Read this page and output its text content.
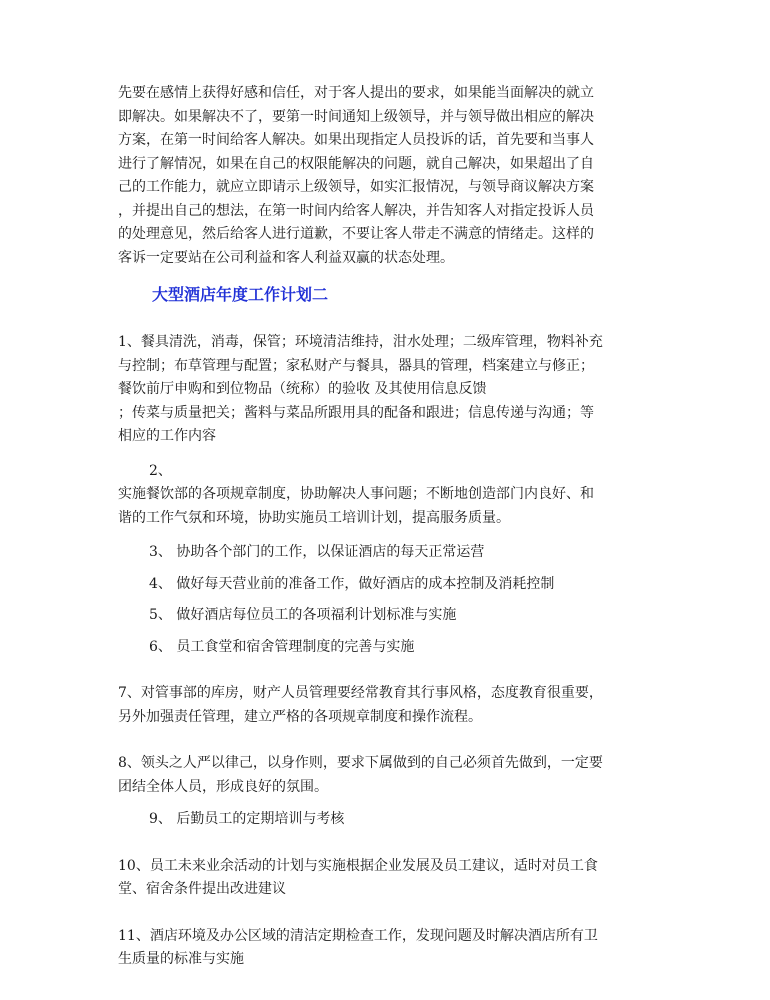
先要在感情上获得好感和信任，对于客人提出的要求，如果能当面解决的就立
即解决。如果解决不了，要第一时间通知上级领导，并与领导做出相应的解决
方案，在第一时间给客人解决。如果出现指定人员投诉的话，首先要和当事人
进行了解情况，如果在自己的权限能解决的问题，就自己解决，如果超出了自
己的工作能力，就应立即请示上级领导，如实汇报情况，与领导商议解决方案
，并提出自己的想法，在第一时间内给客人解决，并告知客人对指定投诉人员
的处理意见，然后给客人进行道歉，不要让客人带走不满意的情绪走。这样的
客诉一定要站在公司利益和客人利益双赢的状态处理。

大型酒店年度工作计划二

1、餐具清洗，消毒，保管；环境清洁维持，泔水处理；二级库管理，物料补充
与控制；布草管理与配置；家私财产与餐具，器具的管理，档案建立与修正；
餐饮前厅申购和到位物品（统称）的验收 及其使用信息反馈
；传菜与质量把关；酱料与菜品所跟用具的配备和跟进；信息传递与沟通；等
相应的工作内容

2、

实施餐饮部的各项规章制度，协助解决人事问题；不断地创造部门内良好、和
谐的工作气氛和环境，协助实施员工培训计划，提高服务质量。

3、 协助各个部门的工作，以保证酒店的每天正常运营

4、 做好每天营业前的准备工作，做好酒店的成本控制及消耗控制

5、 做好酒店每位员工的各项福利计划标准与实施

6、 员工食堂和宿舍管理制度的完善与实施

7、对管事部的库房，财产人员管理要经常教育其行事风格，态度教育很重要，
另外加强责任管理，建立严格的各项规章制度和操作流程。

8、领头之人严以律己，以身作则，要求下属做到的自己必须首先做到，一定要
团结全体人员，形成良好的氛围。

9、 后勤员工的定期培训与考核

10、员工未来业余活动的计划与实施根据企业发展及员工建议，适时对员工食
堂、宿舍条件提出改进建议

11、酒店环境及办公区域的清洁定期检查工作，发现问题及时解决酒店所有卫
生质量的标准与实施
